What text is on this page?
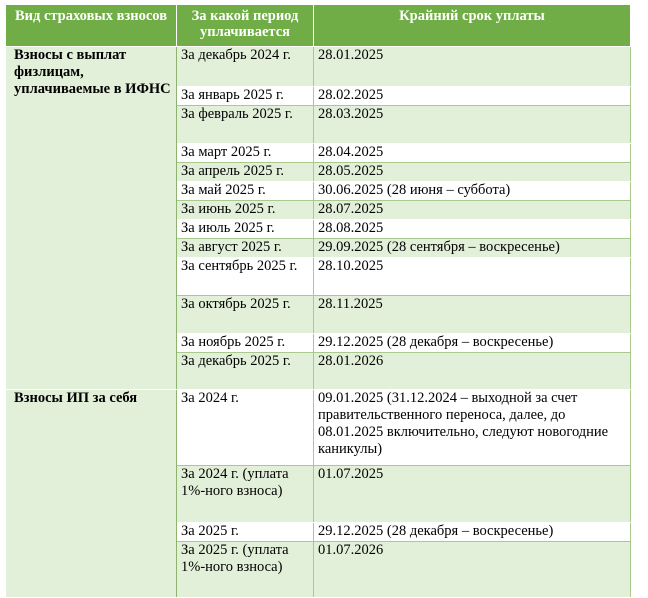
Вид страховых взносов	За какой период уплачивается	Крайний срок уплаты
Взносы с выплат физлицам, уплачиваемые в ИФНС	За декабрь 2024 г.	28.01.2025
	За январь 2025 г.	28.02.2025
	За февраль 2025 г.	28.03.2025
	За март 2025 г.	28.04.2025
	За апрель 2025 г.	28.05.2025
	За май 2025 г.	30.06.2025 (28 июня – суббота)
	За июнь 2025 г.	28.07.2025
	За июль 2025 г.	28.08.2025
	За август 2025 г.	29.09.2025 (28 сентября – воскресенье)
	За сентябрь 2025 г.	28.10.2025
	За октябрь 2025 г.	28.11.2025
	За ноябрь 2025 г.	29.12.2025 (28 декабря – воскресенье)
	За декабрь 2025 г.	28.01.2026
Взносы ИП за себя	За 2024 г.	09.01.2025 (31.12.2024 – выходной за счет правительственного переноса, далее, до 08.01.2025 включительно, следуют новогодние каникулы)
	За 2024 г. (уплата 1%-ного взноса)	01.07.2025
	За 2025 г.	29.12.2025 (28 декабря – воскресенье)
	За 2025 г. (уплата 1%-ного взноса)	01.07.2026
